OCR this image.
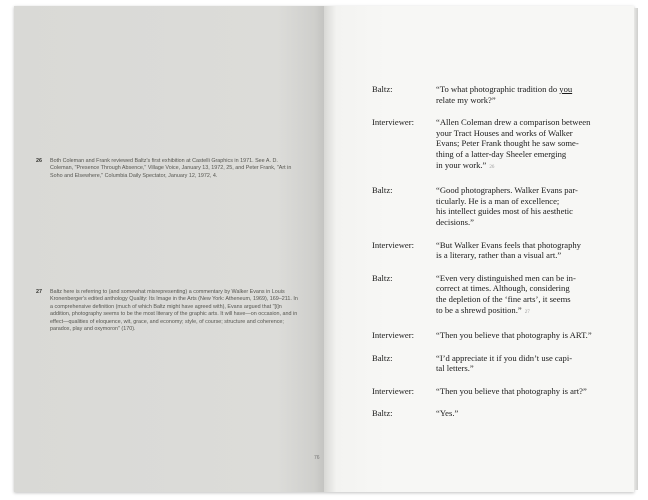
26 Both Coleman and Frank reviewed Baltz's first exhibition at Castelli Graphics in 1971. See A. D. Coleman, "Presence Through Absence," Village Voice, January 13, 1972, 25, and Peter Frank, "Art in Soho and Elsewhere," Columbia Daily Spectator, January 12, 1972, 4.
27 Baltz here is referring to (and somewhat misrepresenting) a commentary by Walker Evans in Louis Kronenberger's edited anthology Quality: Its Image in the Arts (New York: Atheneum, 1969), 169–211. In a comprehensive definition (much of which Baltz might have agreed with), Evans argued that "[i]n addition, photography seems to be the most literary of the graphic arts. It will have—on occasion, and in effect—qualities of eloquence, wit, grace, and economy; style, of course; structure and coherence; paradox, play and oxymoron" (170).
76
Baltz:	“To what photographic tradition do you
relate my work?”
Interviewer:	“Allen Coleman drew a comparison between
your Tract Houses and works of Walker
Evans; Peter Frank thought he saw some-
thing of a latter-day Sheeler emerging
in your work.” 26
Baltz:	“Good photographers. Walker Evans par-
ticularly. He is a man of excellence;
his intellect guides most of his aesthetic
decisions.”
Interviewer:	“But Walker Evans feels that photography
is a literary, rather than a visual art.”
Baltz:	“Even very distinguished men can be in-
correct at times. Although, considering
the depletion of the ‘fine arts’, it seems
to be a shrewd position.” 27
Interviewer:	“Then you believe that photography is ART.”
Baltz:	“I’d appreciate it if you didn’t use capi-
tal letters.”
Interviewer:	“Then you believe that photography is art?”
Baltz:	“Yes.”
